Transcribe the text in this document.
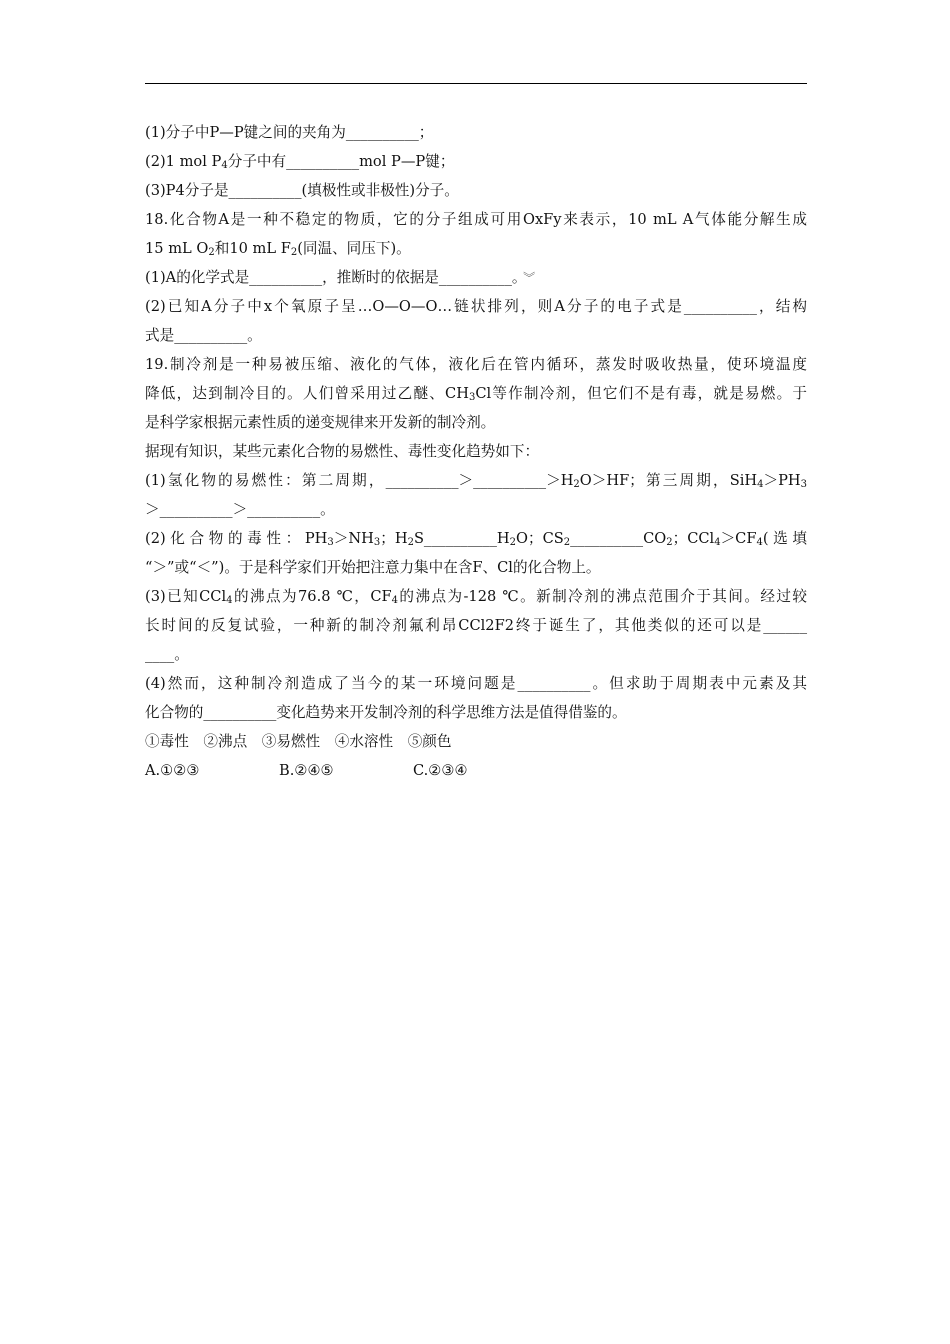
(1)分子中P—P键之间的夹角为__________；
(2)1 mol $P_4$分子中有__________mol P—P键；
(3)P4分子是__________(填极性或非极性)分子。
18.化合物A是一种不稳定的物质，它的分子组成可用OxFy来表示，10 mL A气体能分解生成
15 mL $O_2$和10 mL $F_2$(同温、同压下)。
(1)A的化学式是__________，推断时的依据是__________。 ︾
(2)已知A分子中x个氧原子呈…O—O—O…链状排列，则A分子的电子式是__________，结构
式是__________。
19.制冷剂是一种易被压缩、液化的气体，液化后在管内循环，蒸发时吸收热量，使环境温度
降低，达到制冷目的。人们曾采用过乙醚、$CH_3Cl$等作制冷剂，但它们不是有毒，就是易燃。于
是科学家根据元素性质的递变规律来开发新的制冷剂。
据现有知识，某些元素化合物的易燃性、毒性变化趋势如下：
(1)氢化物的易燃性：第二周期，$\_\_\_\_\_\_\_\_\_\_>\_\_\_\_\_\_\_\_\_\_>H_2O>HF$；第三周期，$SiH_4>PH_3$
＞__________＞__________。
(2)化合物的毒性：$PH_3>NH_3$；$H_2S\_\_\_\_\_\_\_\_\_\_H_2O$；$CS_2\_\_\_\_\_\_\_\_\_\_CO_2$；$CCl_4>CF_4$(选填
“＞”或“＜”)。于是科学家们开始把注意力集中在含F、Cl的化合物上。
(3)已知CCl$_4$的沸点为76.8 ℃，$CF_4$的沸点为-128 ℃。新制冷剂的沸点范围介于其间。经过较
长时间的反复试验，一种新的制冷剂氟利昂CCl2F2终于诞生了，其他类似的还可以是______
____。
(4)然而，这种制冷剂造成了当今的某一环境问题是__________。但求助于周期表中元素及其
化合物的__________变化趋势来开发制冷剂的科学思维方法是值得借鉴的。
①毒性　②沸点　③易燃性　④水溶性　⑤颜色
A.①②③	B.②④⑤	C.②③④
